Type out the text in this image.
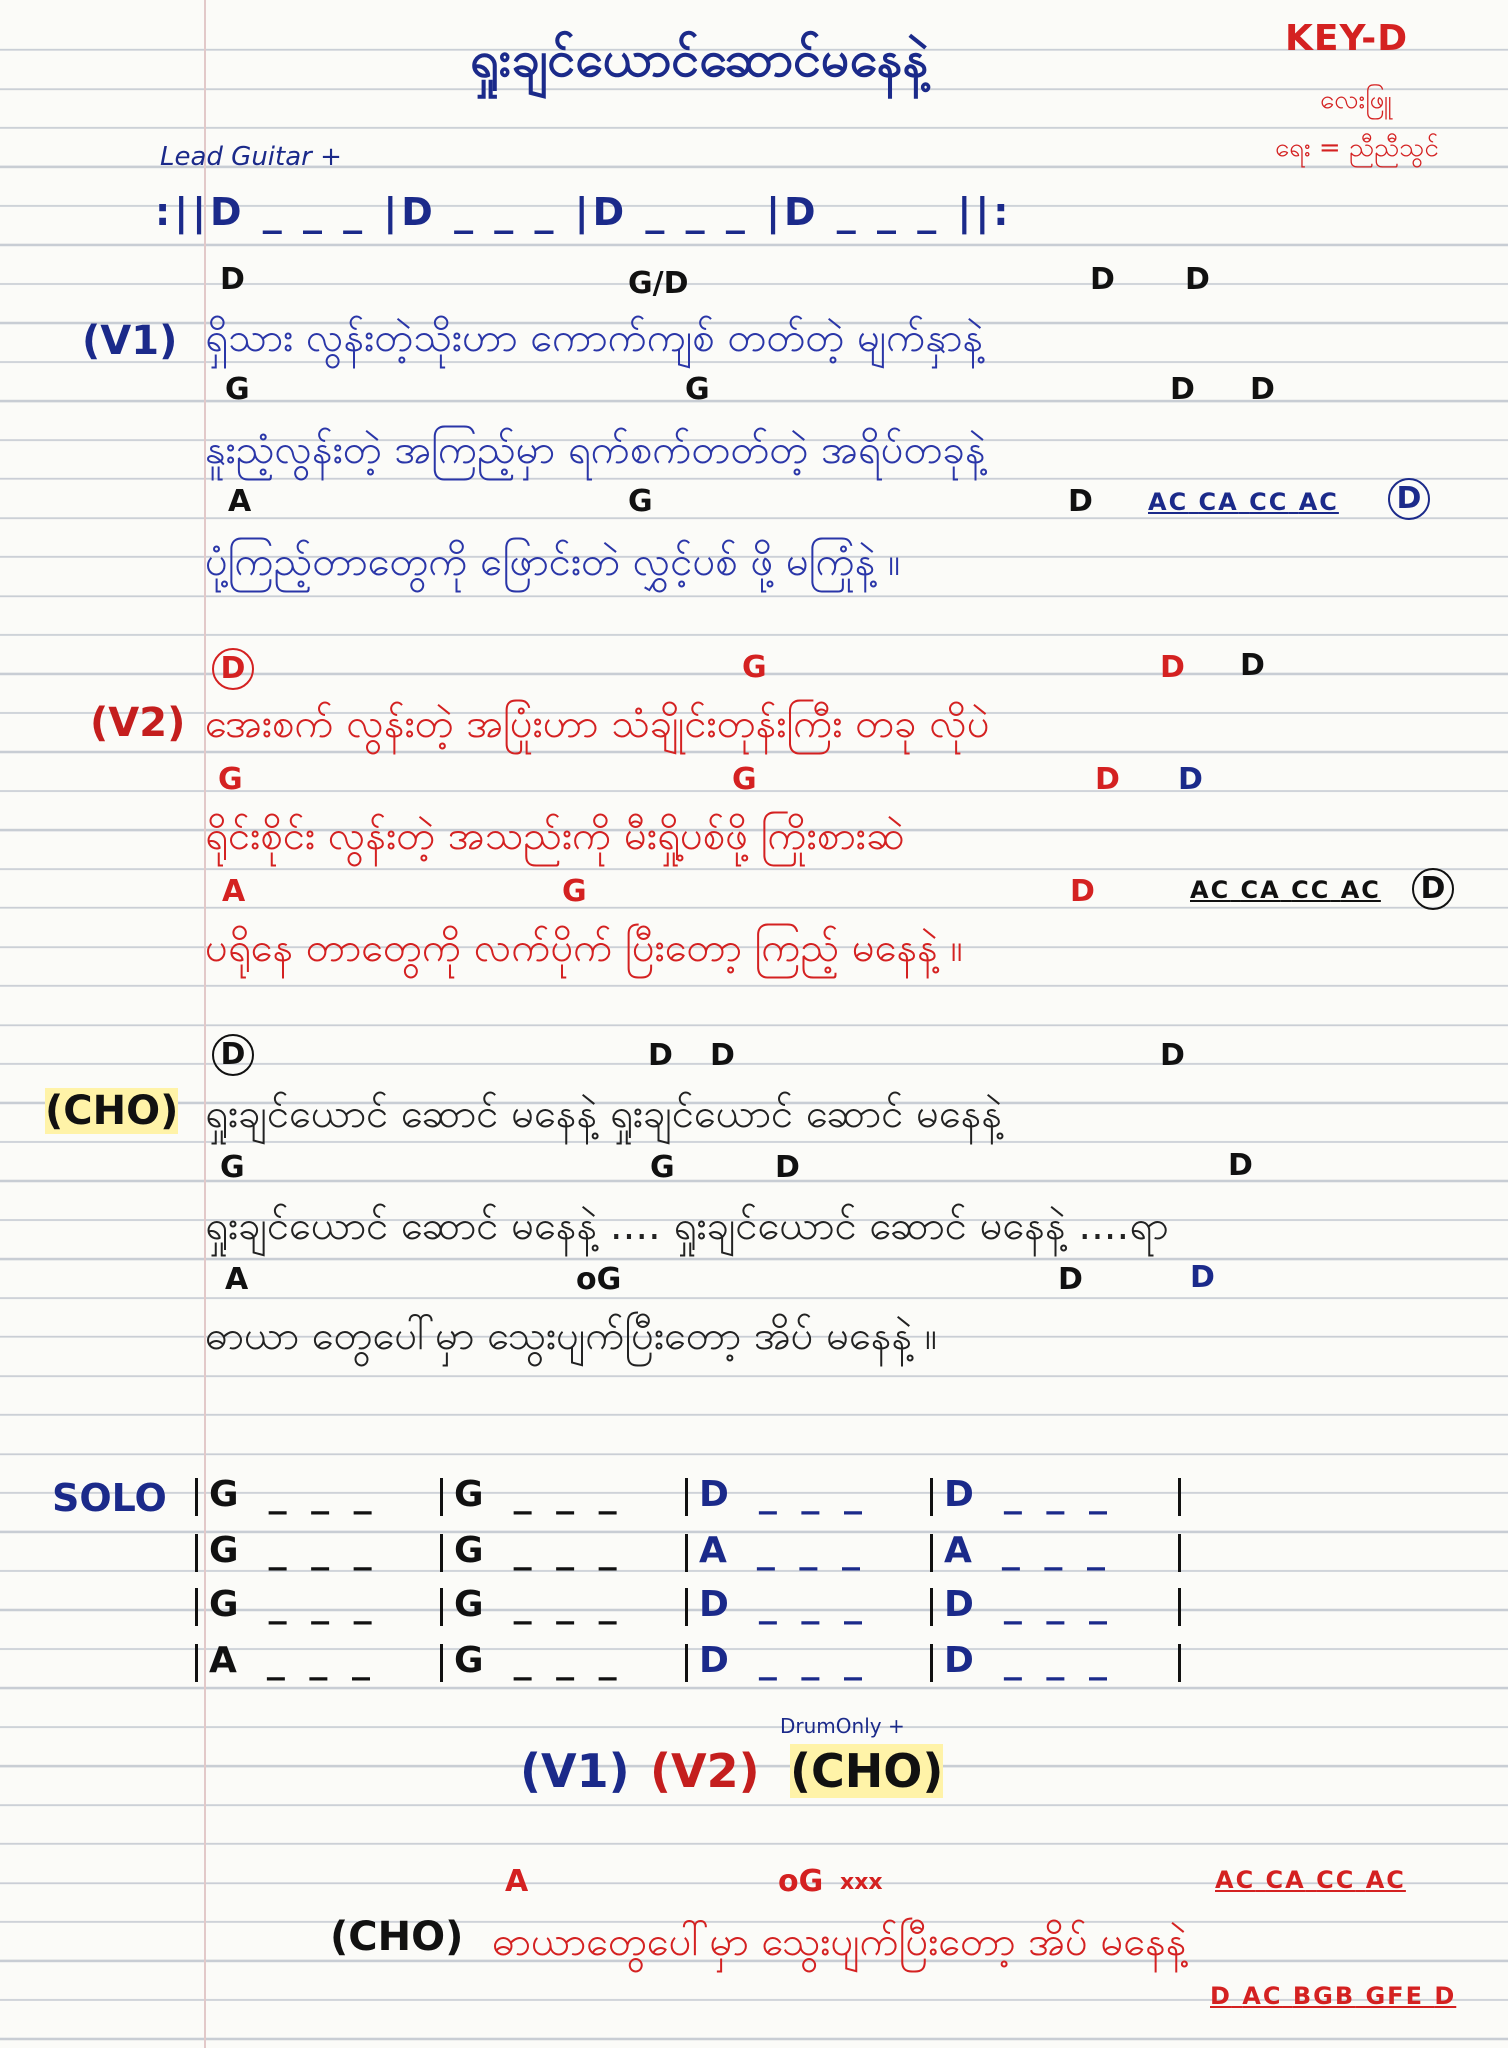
ရှုးချင်ယောင်ဆောင်မနေနဲ့	KEY-D
လေးဖြူ
ရေး = ညီညီသွင်
Lead Guitar +
:||D _ _ _ |D _ _ _ |D _ _ _ |D _ _ _ ||:
(V1)
D	G/D	D D
ရှိသား လွန်းတဲ့သိုးဟာ ကောက်ကျစ် တတ်တဲ့ မျက်နှာနဲ့
G	G	D D
နူးညံ့လွန်းတဲ့ အကြည့်မှာ ရက်စက်တတ်တဲ့ အရိပ်တခုနဲ့
A	G	D AC CA CC AC D
ပုံ့ကြည့်တာတွေကို ဖြောင်းတဲ လွှင့်ပစ် ဖို့ မကြုံနဲ့ ။
(V2)
D	G	D D
အေးစက် လွန်းတဲ့ အပြုံးဟာ သံချိုင်းတုန်းကြီး တခု လိုပဲ
G	G	D D
ရိုင်းစိုင်း လွန်းတဲ့ အသည်းကို မီးရှို့ပစ်ဖို့ ကြိုးစားဆဲ
A	G	D	AC CA CC AC D
ပရိုနေ တာတွေကို လက်ပိုက် ပြီးတော့ ကြည့် မနေနဲ့ ။
(CHO)
D	D D	D
ရှုးချင်ယောင် ဆောင် မနေနဲ့ ရှုးချင်ယောင် ဆောင် မနေနဲ့
G	G	D	D
ရှုးချင်ယောင် ဆောင် မနေနဲ့ .... ရှုးချင်ယောင် ဆောင် မနေနဲ့ ....ရာ
A	oG	D	D
ဓာယာ တွေပေါ်မှာ သွေးပျက်ပြီးတော့ အိပ် မနေနဲ့ ။
SOLO G _ _ _ G _ _ _ D _ _ _ D _ _ _
G _ _ _ G _ _ _ A _ _ _ A _ _ _
G _ _ _ G _ _ _ D _ _ _ D _ _ _
A _ _ _ G _ _ _ D _ _ _ D _ _ _
DrumOnly +
(V1) (V2) (CHO)
A	oG xxx	AC CA CC AC
(CHO) ဓာယာတွေပေါ်မှာ သွေးပျက်ပြီးတော့ အိပ် မနေနဲ့
D AC BGB GFE D
